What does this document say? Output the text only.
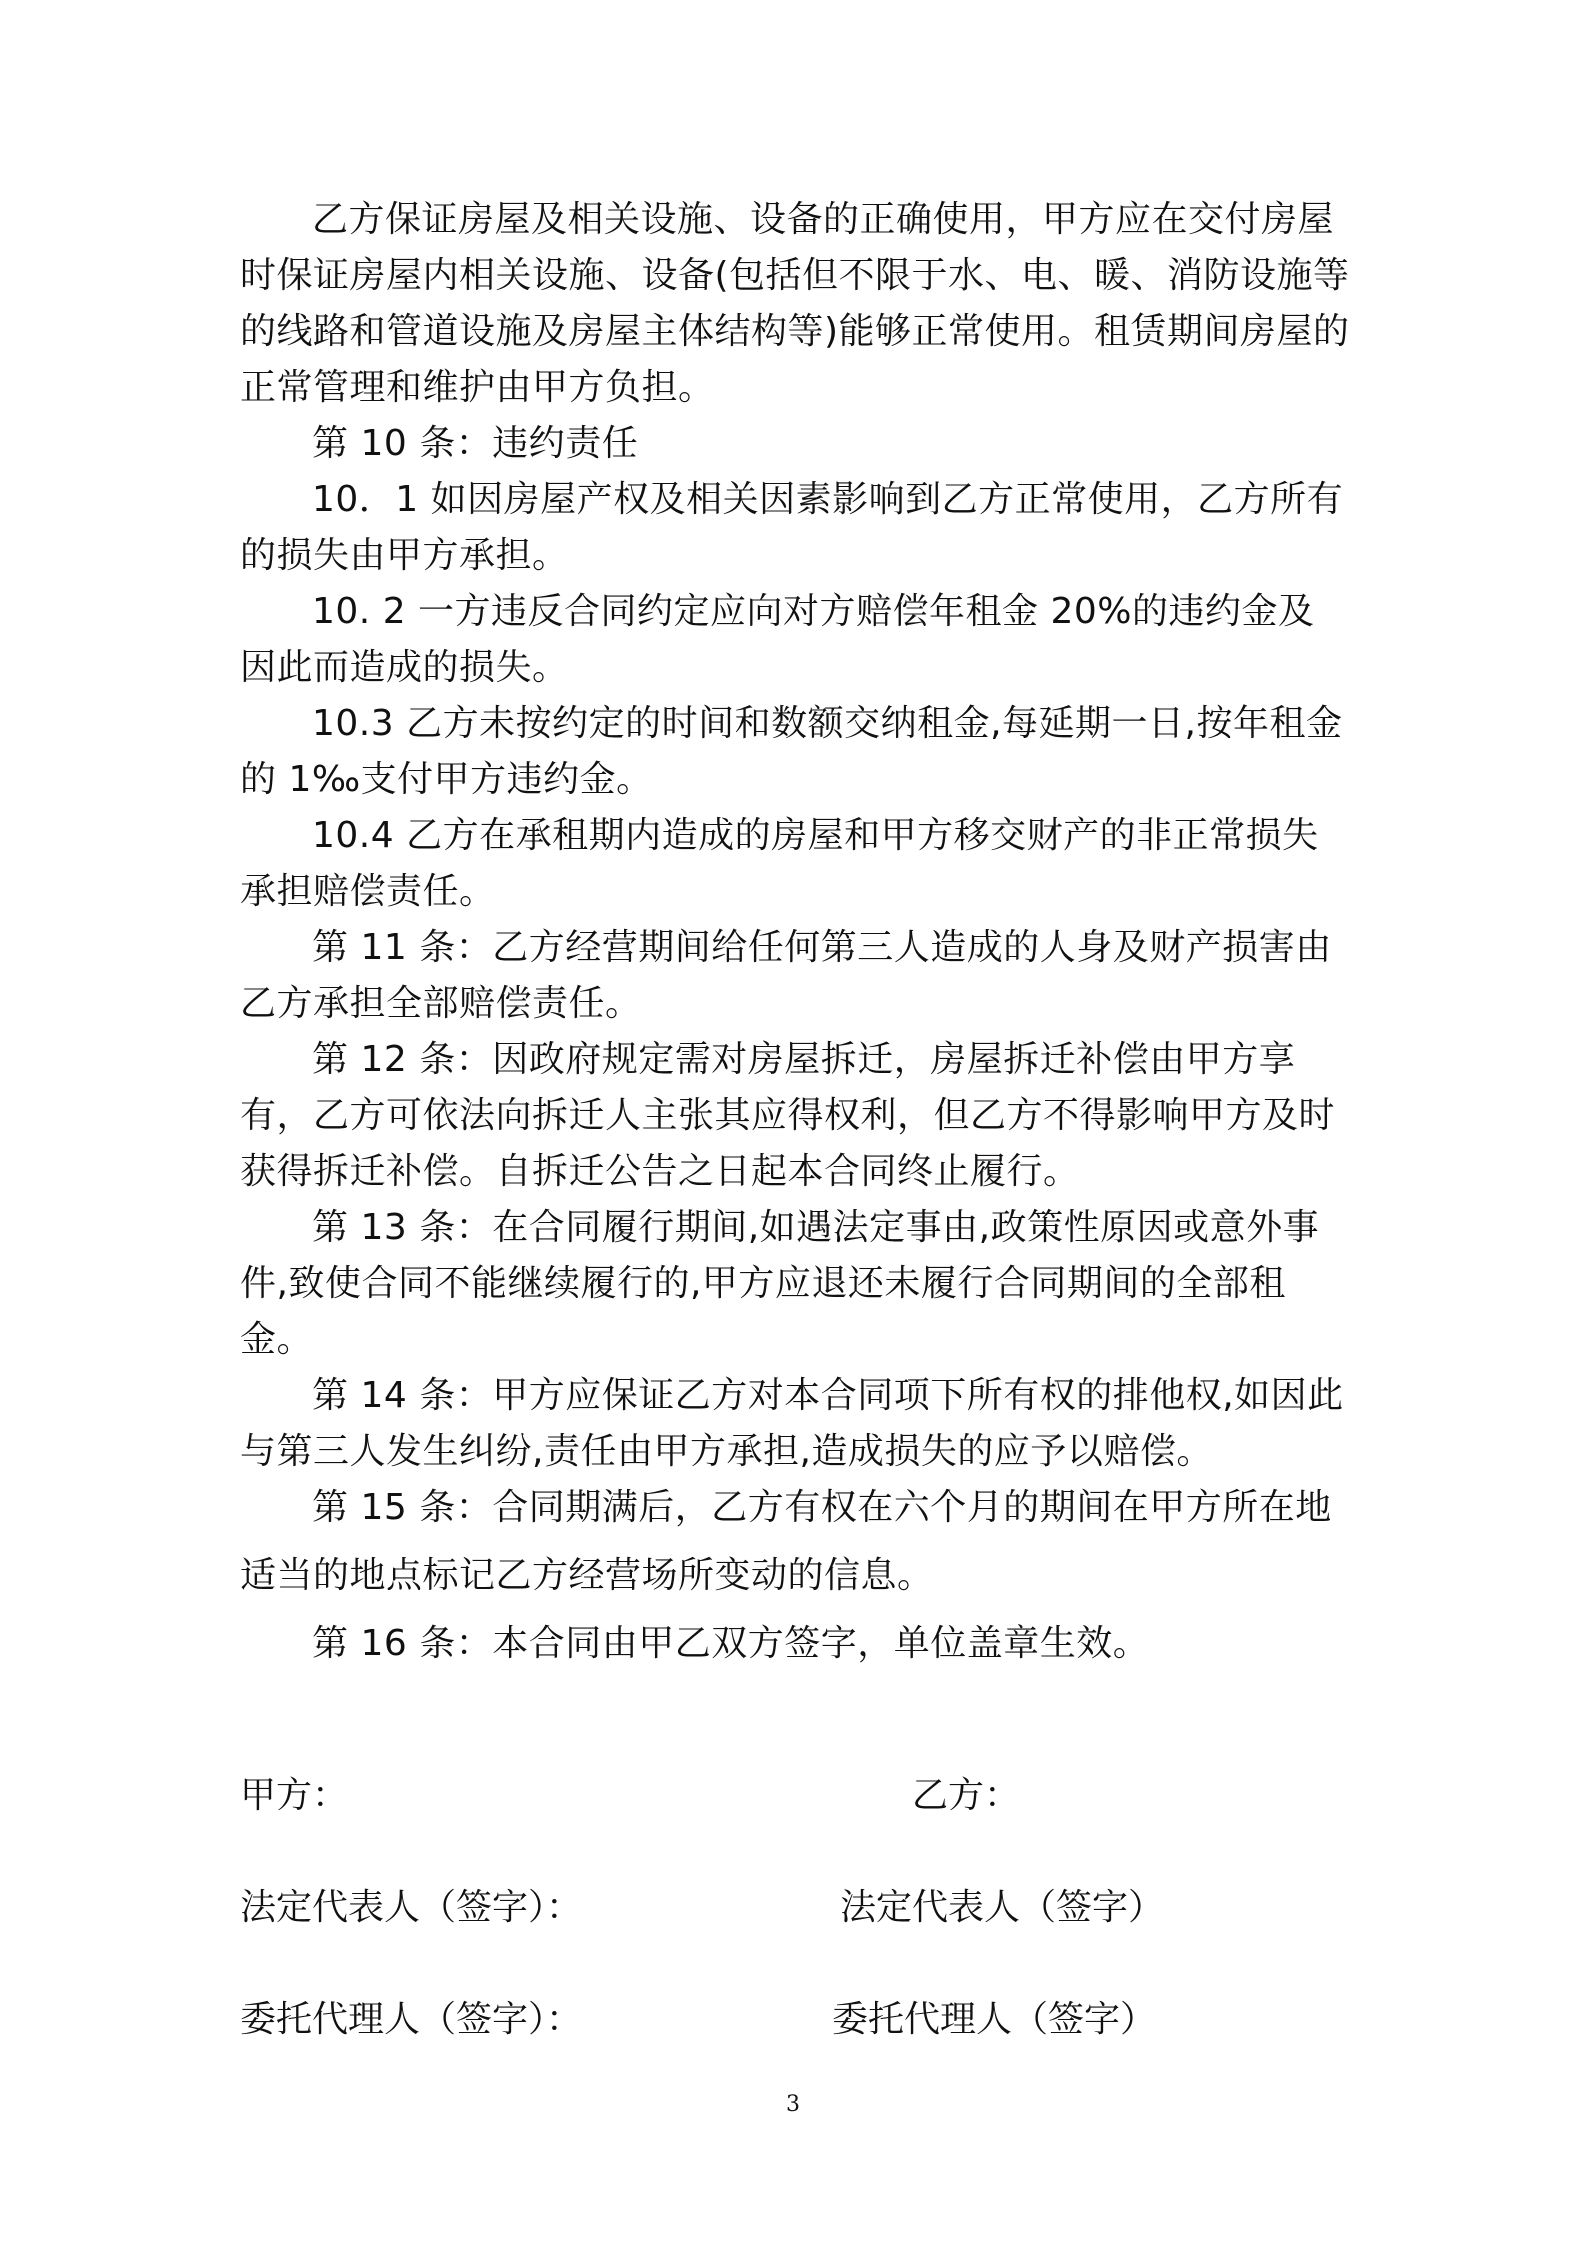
乙方保证房屋及相关设施、设备的正确使用，甲方应在交付房屋时保证房屋内相关设施、设备(包括但不限于水、电、暖、消防设施等的线路和管道设施及房屋主体结构等)能够正常使用。租赁期间房屋的正常管理和维护由甲方负担。

第 10 条：违约责任

10．1 如因房屋产权及相关因素影响到乙方正常使用，乙方所有的损失由甲方承担。

10. 2 一方违反合同约定应向对方赔偿年租金 20%的违约金及因此而造成的损失。

10.3 乙方未按约定的时间和数额交纳租金,每延期一日,按年租金的 1‰支付甲方违约金。

10.4 乙方在承租期内造成的房屋和甲方移交财产的非正常损失承担赔偿责任。

第 11 条：乙方经营期间给任何第三人造成的人身及财产损害由乙方承担全部赔偿责任。

第 12 条：因政府规定需对房屋拆迁，房屋拆迁补偿由甲方享有，乙方可依法向拆迁人主张其应得权利，但乙方不得影响甲方及时获得拆迁补偿。自拆迁公告之日起本合同终止履行。

第 13 条：在合同履行期间,如遇法定事由,政策性原因或意外事件,致使合同不能继续履行的,甲方应退还未履行合同期间的全部租金。

第 14 条：甲方应保证乙方对本合同项下所有权的排他权,如因此与第三人发生纠纷,责任由甲方承担,造成损失的应予以赔偿。

第 15 条：合同期满后，乙方有权在六个月的期间在甲方所在地

适当的地点标记乙方经营场所变动的信息。

第 16 条：本合同由甲乙双方签字，单位盖章生效。

甲方：	乙方：
法定代表人（签字）：	法定代表人（签字）
委托代理人（签字）：	委托代理人（签字）
3
